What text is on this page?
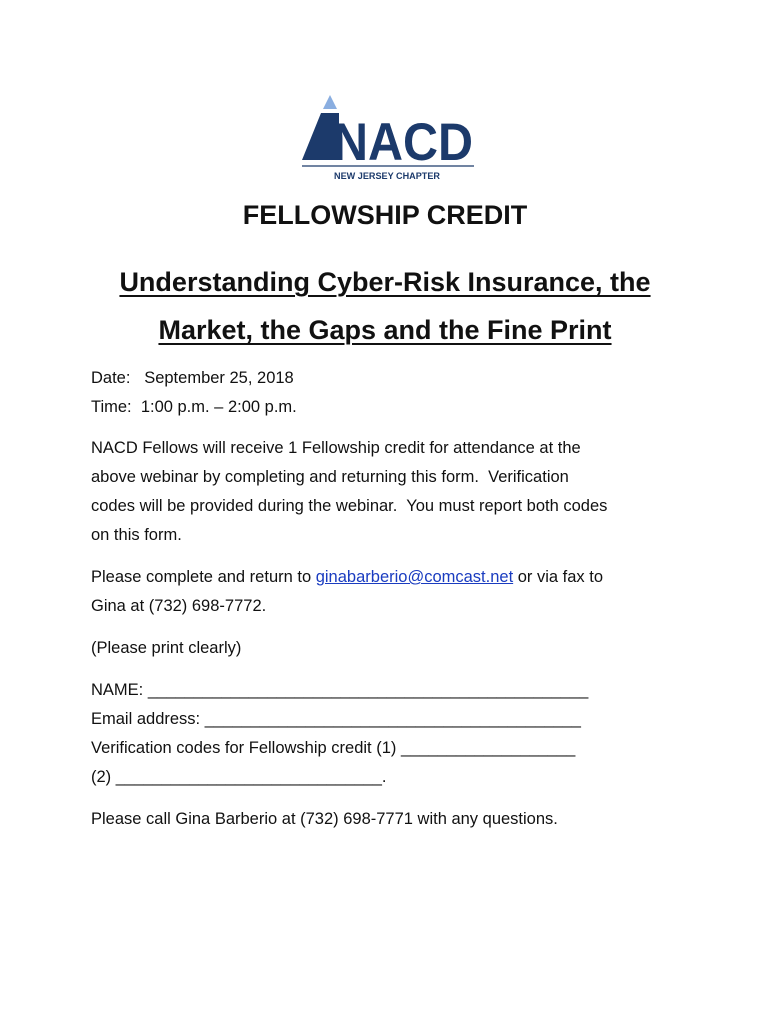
NACD
NEW JERSEY CHAPTER
FELLOWSHIP CREDIT
Understanding Cyber-Risk Insurance, the
Market, the Gaps and the Fine Print
Date: September 25, 2018
Time: 1:00 p.m. – 2:00 p.m.
NACD Fellows will receive 1 Fellowship credit for attendance at the
above webinar by completing and returning this form.  Verification
codes will be provided during the webinar.  You must report both codes
on this form.
Please complete and return to ginabarberio@comcast.net or via fax to
Gina at (732) 698-7772.
(Please print clearly)
NAME: ________________________________________________
Email address: _________________________________________
Verification codes for Fellowship credit (1) ___________________
(2) _____________________________.
Please call Gina Barberio at (732) 698-7771 with any questions.
